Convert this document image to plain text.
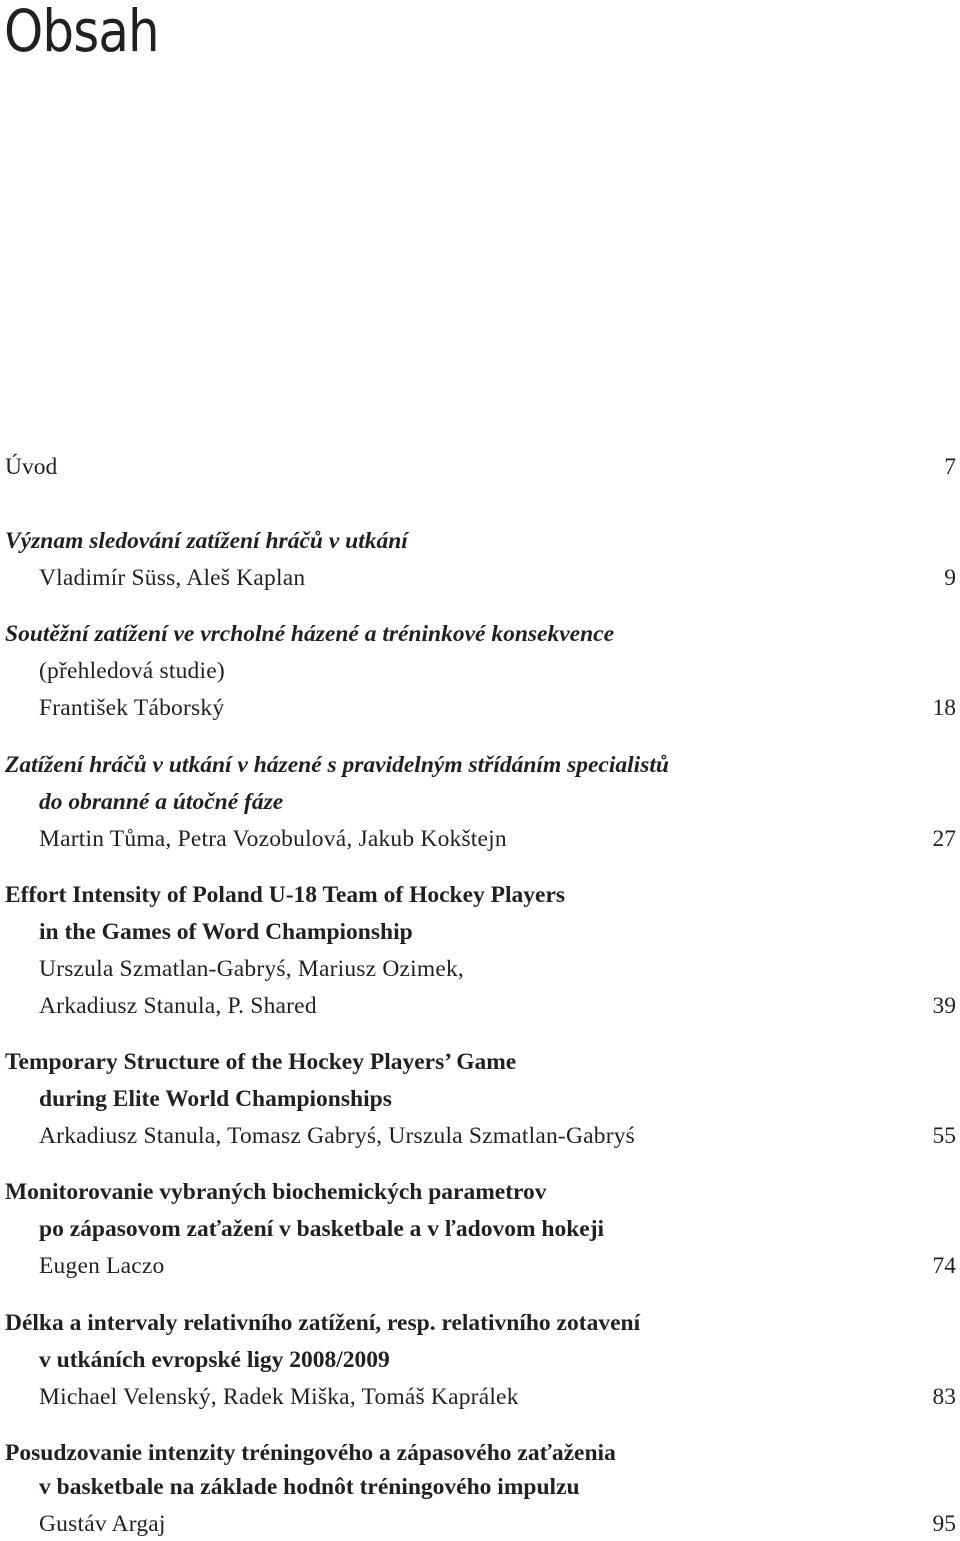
Obsah
Úvod	7
Význam sledování zatížení hráčů v utkání
Vladimír Süss, Aleš Kaplan	9
Soutěžní zatížení ve vrcholné házené a tréninkové konsekvence
(přehledová studie)
František Táborský	18
Zatížení hráčů v utkání v házené s pravidelným střídáním specialistů
do obranné a útočné fáze
Martin Tůma, Petra Vozobulová, Jakub Kokštejn	27
Effort Intensity of Poland U-18 Team of Hockey Players
in the Games of Word Championship
Urszula Szmatlan-Gabryś, Mariusz Ozimek,
Arkadiusz Stanula, P. Shared	39
Temporary Structure of the Hockey Players’ Game
during Elite World Championships
Arkadiusz Stanula, Tomasz Gabryś, Urszula Szmatlan-Gabryś	55
Monitorovanie vybraných biochemických parametrov
po zápasovom zaťažení v basketbale a v ľadovom hokeji
Eugen Laczo	74
Délka a intervaly relativního zatížení, resp. relativního zotavení
v utkáních evropské ligy 2008/2009
Michael Velenský, Radek Miška, Tomáš Kaprálek	83
Posudzovanie intenzity tréningového a zápasového zaťaženia
v basketbale na základe hodnôt tréningového impulzu
Gustáv Argaj	95
